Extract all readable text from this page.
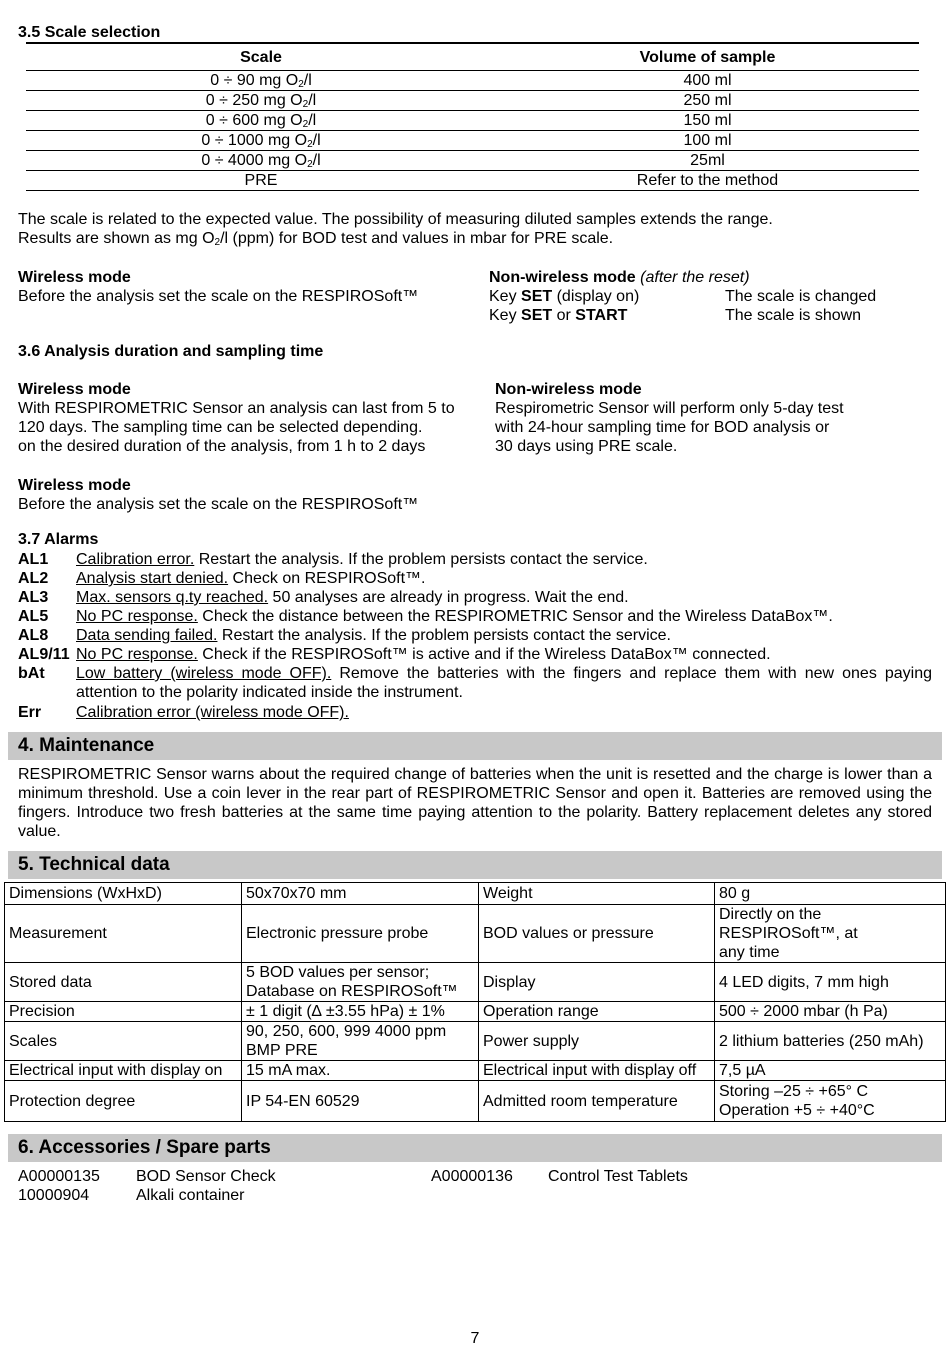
3.5 Scale selection
Scale	Volume of sample
0 ÷ 90 mg $O_2/l$	400 ml
0 ÷ 250 mg $O_2/l$	250 ml
0 ÷ 600 mg $O_2/l$	150 ml
0 ÷ 1000 mg $O_2/l$	100 ml
0 ÷ 4000 mg $O_2/l$	25ml
PRE	Refer to the method
The scale is related to the expected value. The possibility of measuring diluted samples extends the range.
Results are shown as mg $O_2/l$ (ppm) for BOD test and values in mbar for PRE scale.
Wireless mode
Before the analysis set the scale on the RESPIROSoft™
Non-wireless mode (after the reset)
Key SET (display on)	The scale is changed
Key SET or START	The scale is shown
3.6 Analysis duration and sampling time
Wireless mode
With RESPIROMETRIC Sensor an analysis can last from 5 to
120 days. The sampling time can be selected depending.
on the desired duration of the analysis, from 1 h to 2 days
Non-wireless mode
Respirometric Sensor will perform only 5-day test
with 24-hour sampling time for BOD analysis or
30 days using PRE scale.
Wireless mode
Before the analysis set the scale on the RESPIROSoft™
3.7 Alarms
AL1 Calibration error. Restart the analysis. If the problem persists contact the service.
AL2 Analysis start denied. Check on RESPIROSoft™.
AL3 Max. sensors q.ty reached. 50 analyses are already in progress. Wait the end.
AL5 No PC response. Check the distance between the RESPIROMETRIC Sensor and the Wireless DataBox™.
AL8 Data sending failed. Restart the analysis. If the problem persists contact the service.
AL9/11 No PC response. Check if the RESPIROSoft™ is active and if the Wireless DataBox™ connected.
bAt Low battery (wireless mode OFF). Remove the batteries with the fingers and replace them with new ones paying attention to the polarity indicated inside the instrument.
Err Calibration error (wireless mode OFF).
4. Maintenance
RESPIROMETRIC Sensor warns about the required change of batteries when the unit is resetted and the charge is lower than a minimum threshold. Use a coin lever in the rear part of RESPIROMETRIC Sensor and open it. Batteries are removed using the fingers. Introduce two fresh batteries at the same time paying attention to the polarity. Battery replacement deletes any stored value.
5. Technical data
Dimensions (WxHxD)	50x70x70 mm	Weight	80 g
Measurement	Electronic pressure probe	BOD values or pressure	Directly on the RESPIROSoft™, at any time
Stored data	5 BOD values per sensor; Database on RESPIROSoft™	Display	4 LED digits, 7 mm high
Precision	± 1 digit (∆ ±3.55 hPa) ± 1%	Operation range	500 ÷ 2000 mbar (h Pa)
Scales	90, 250, 600, 999 4000 ppm BMP PRE	Power supply	2 lithium batteries (250 mAh)
Electrical input with display on	15 mA max.	Electrical input with display off	7,5 µA
Protection degree	IP 54-EN 60529	Admitted room temperature	Storing –25 ÷ +65° C Operation +5 ÷ +40°C
6. Accessories / Spare parts
A00000135 BOD Sensor Check	A00000136 Control Test Tablets
10000904	Alkali container
7
